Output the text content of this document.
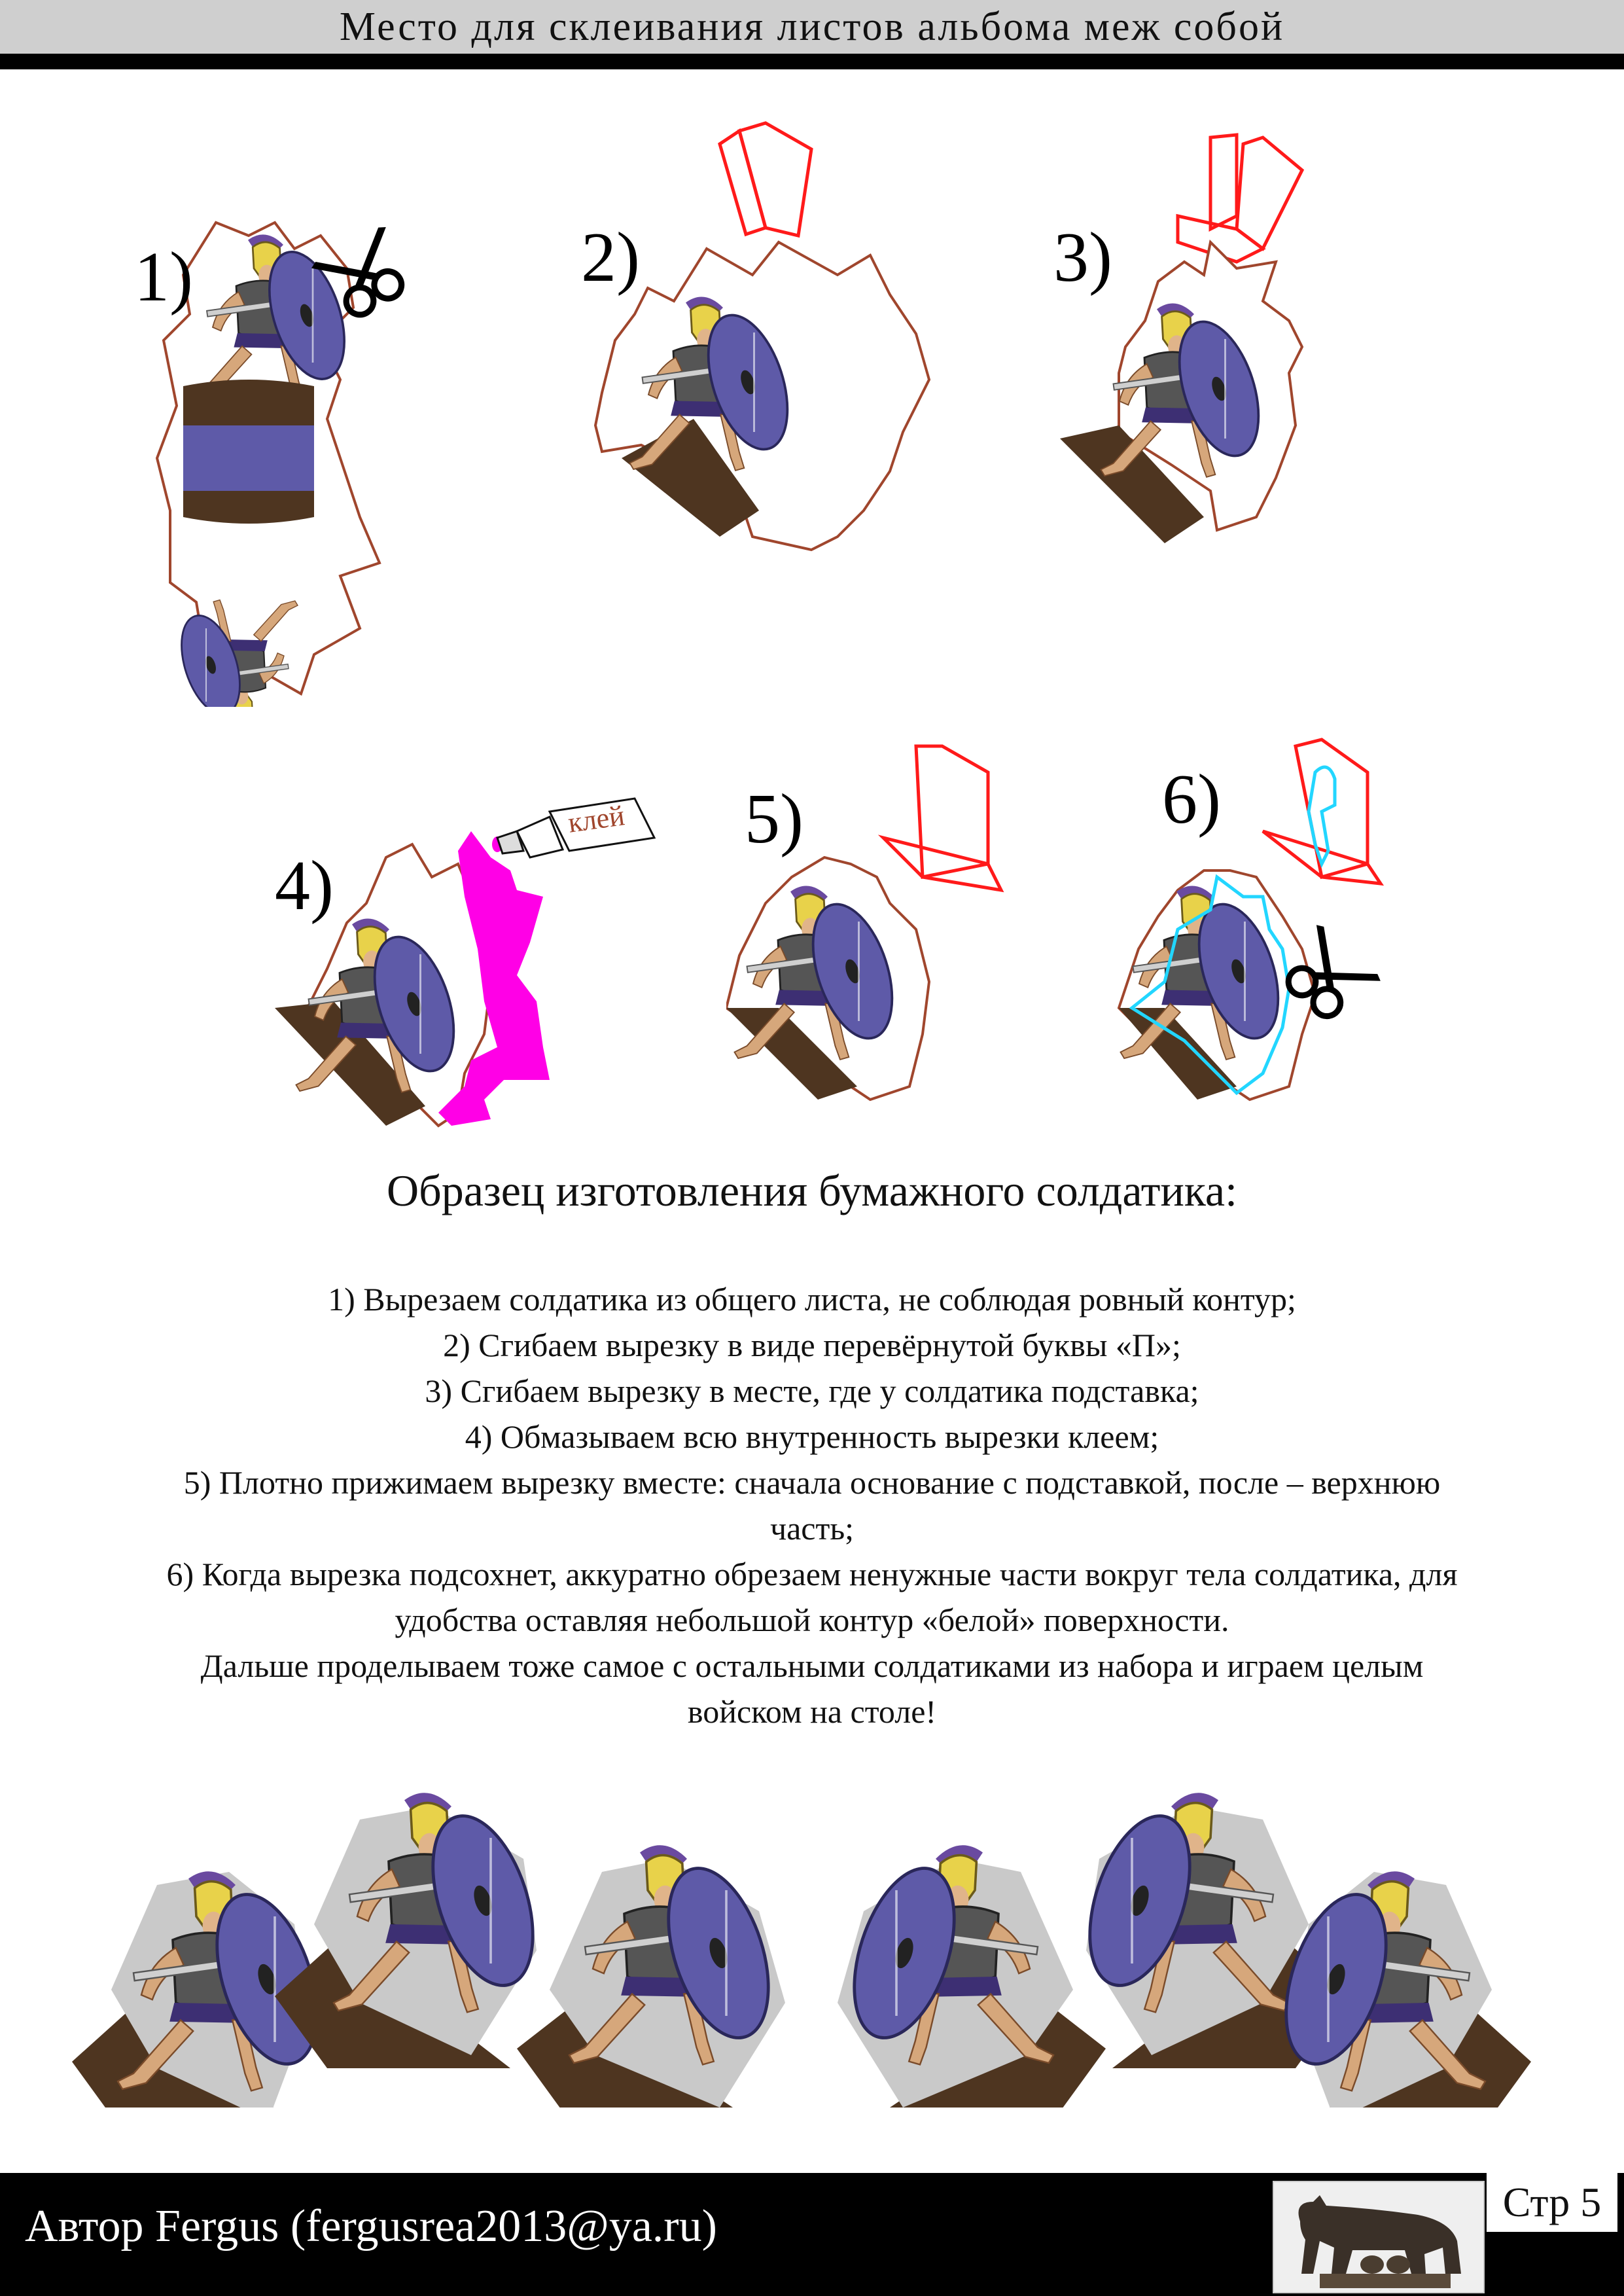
Место для склеивания листов альбома меж собой
1)	2)	3)
клей
4)
5)	6)
Образец изготовления бумажного солдатика:
1) Вырезаем солдатика из общего листа, не соблюдая ровный контур;
2) Сгибаем вырезку в виде перевёрнутой буквы «П»;
3) Сгибаем вырезку в месте, где у солдатика подставка;
4) Обмазываем всю внутренность вырезки клеем;
5) Плотно прижимаем вырезку вместе: сначала основание с подставкой, после – верхнюю
часть;
6) Когда вырезка подсохнет, аккуратно обрезаем ненужные части вокруг тела солдатика, для
удобства оставляя небольшой контур «белой» поверхности.
Дальше проделываем тоже самое с остальными солдатиками из набора и играем целым
войском на столе!
Автор Fergus (fergusrea2013@ya.ru)	Стр 5
